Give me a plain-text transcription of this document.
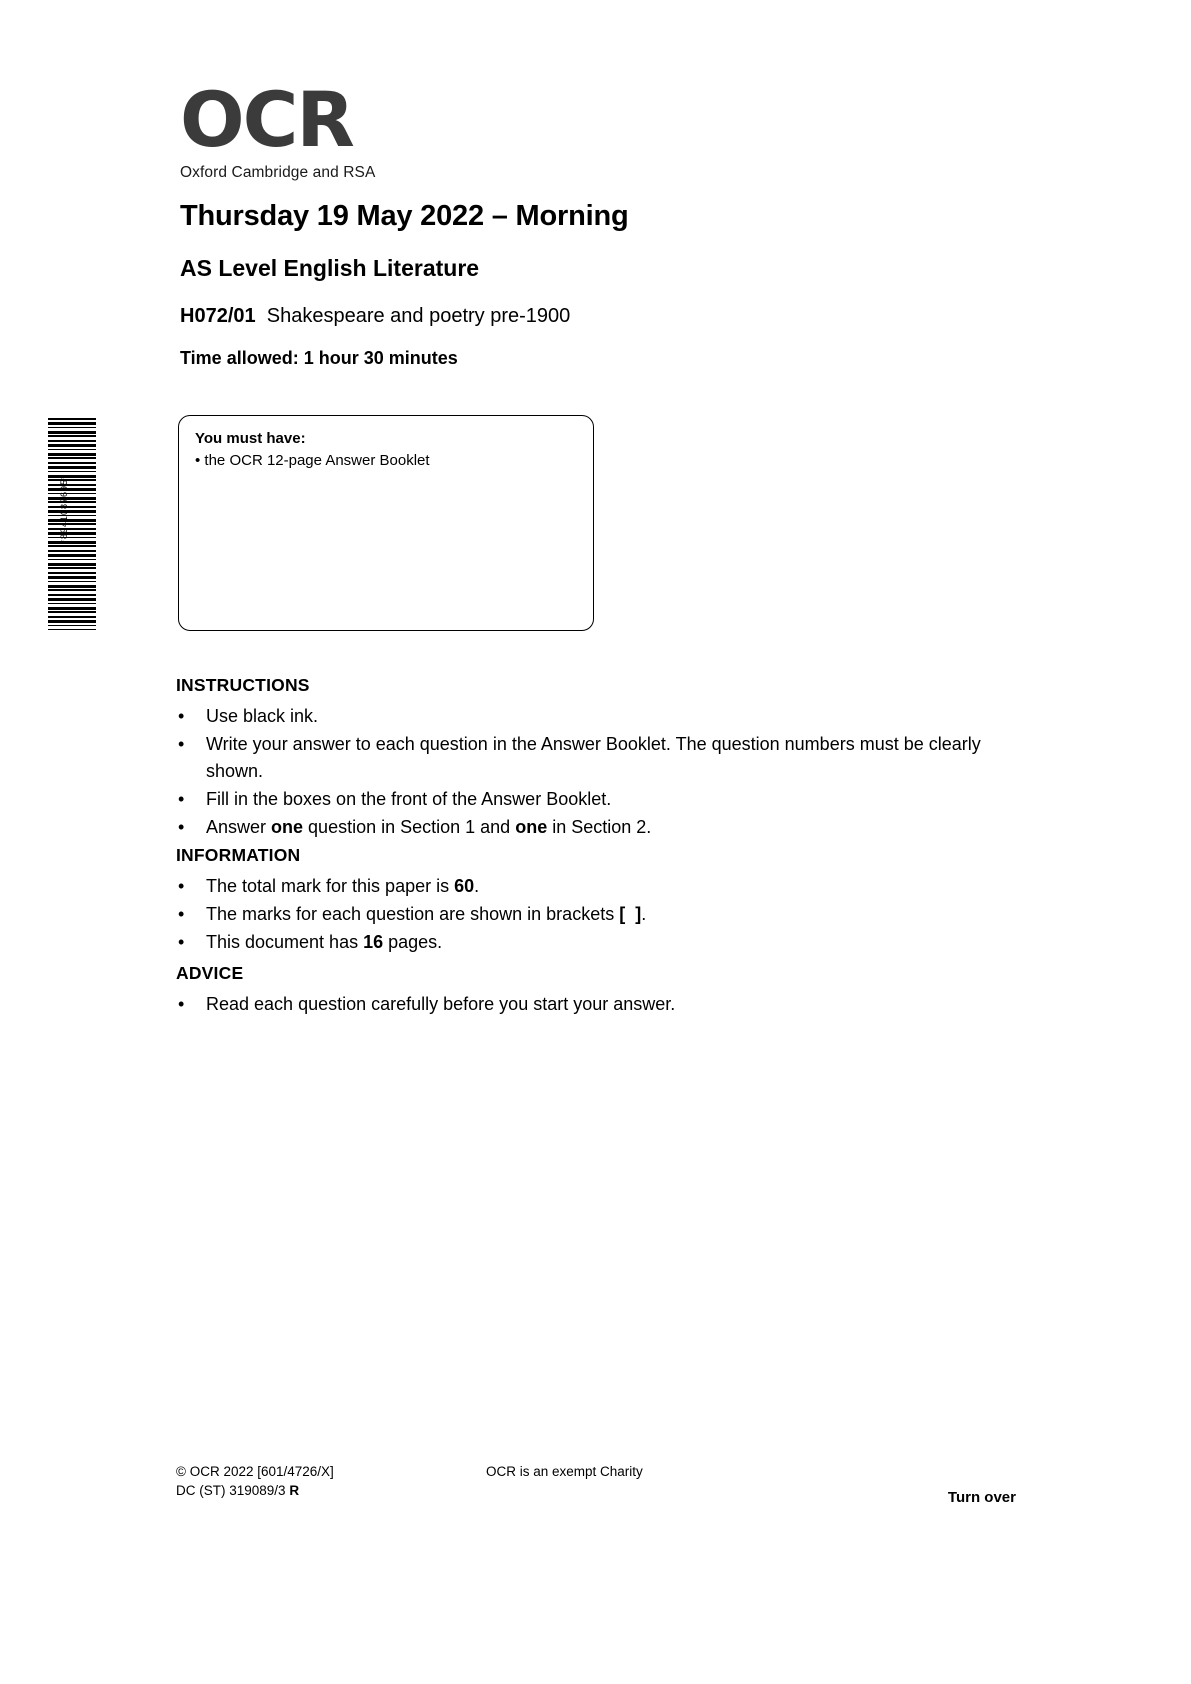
*8941087695*
OCR
Oxford Cambridge and RSA
Thursday 19 May 2022 – Morning
AS Level English Literature
H072/01 Shakespeare and poetry pre-1900
Time allowed: 1 hour 30 minutes
You must have:
• the OCR 12-page Answer Booklet
INSTRUCTIONS
•	Use black ink.
•	Write your answer to each question in the Answer Booklet. The question numbers must be clearly shown.
•	Fill in the boxes on the front of the Answer Booklet.
•	Answer one question in Section 1 and one in Section 2.
INFORMATION
•	The total mark for this paper is 60.
•	The marks for each question are shown in brackets [  ].
•	This document has 16 pages.
ADVICE
•	Read each question carefully before you start your answer.
© OCR 2022 [601/4726/X]
DC (ST) 319089/3 R
OCR is an exempt Charity
Turn over
